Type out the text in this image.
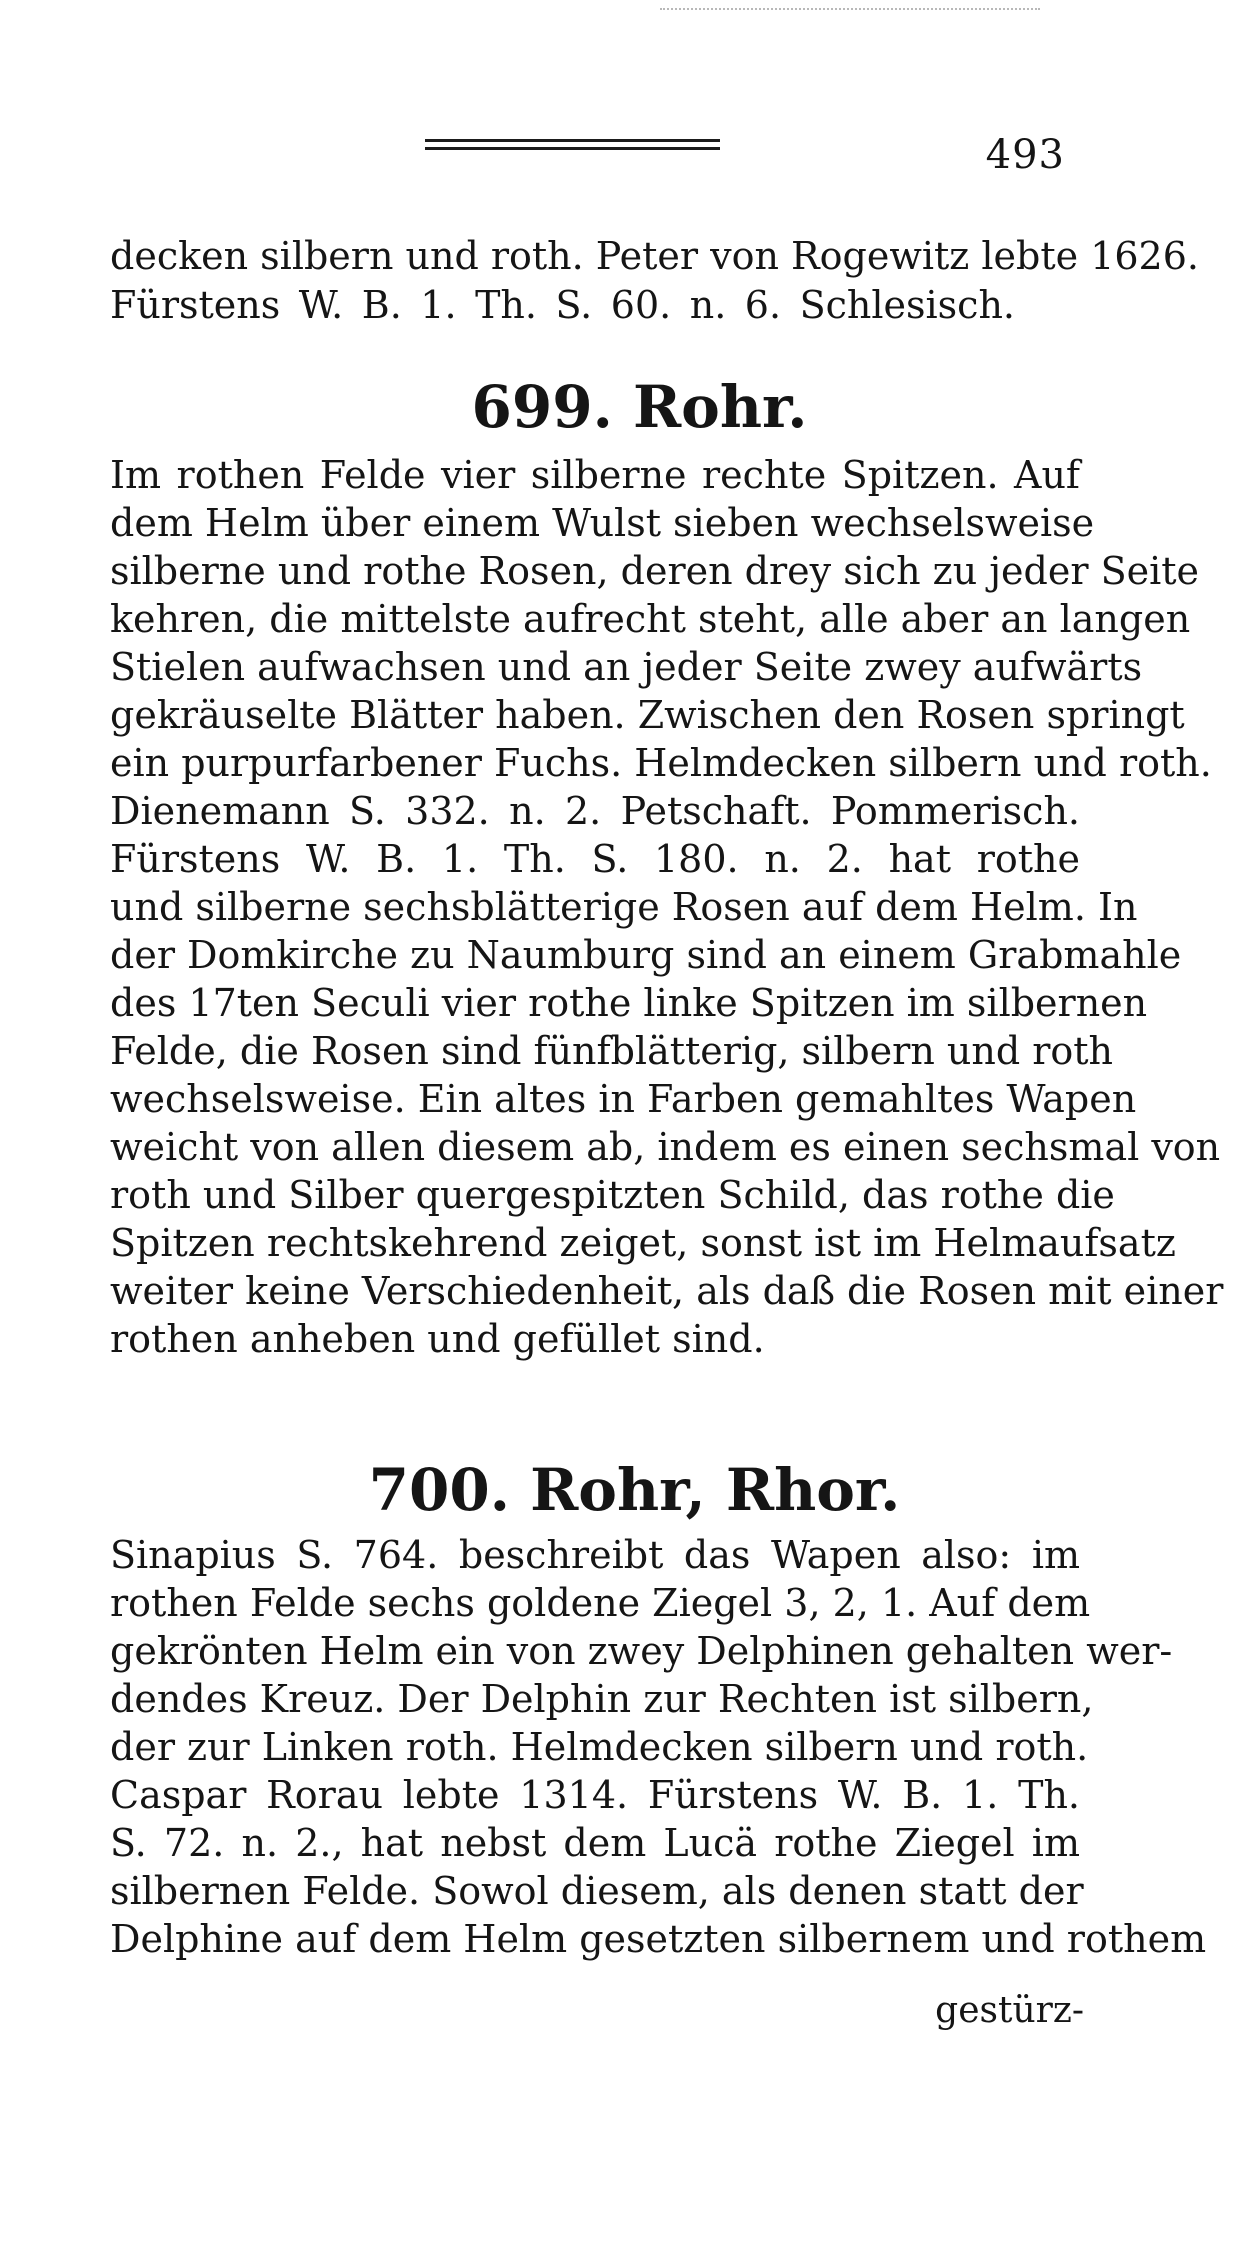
493
decken silbern und roth. Peter von Rogewitz lebte 1626.
Fürstens W. B. 1. Th. S. 60. n. 6. Schlesisch.
699. Rohr.
Im rothen Felde vier silberne rechte Spitzen. Auf
dem Helm über einem Wulst sieben wechselsweise
silberne und rothe Rosen, deren drey sich zu jeder Seite
kehren, die mittelste aufrecht steht, alle aber an langen
Stielen aufwachsen und an jeder Seite zwey aufwärts
gekräuselte Blätter haben. Zwischen den Rosen springt
ein purpurfarbener Fuchs. Helmdecken silbern und roth.
Dienemann S. 332. n. 2. Petschaft. Pommerisch.
Fürstens W. B. 1. Th. S. 180. n. 2. hat rothe
und silberne sechsblätterige Rosen auf dem Helm. In
der Domkirche zu Naumburg sind an einem Grabmahle
des 17ten Seculi vier rothe linke Spitzen im silbernen
Felde, die Rosen sind fünfblätterig, silbern und roth
wechselsweise. Ein altes in Farben gemahltes Wapen
weicht von allen diesem ab, indem es einen sechsmal von
roth und Silber quergespitzten Schild, das rothe die
Spitzen rechtskehrend zeiget, sonst ist im Helmaufsatz
weiter keine Verschiedenheit, als daß die Rosen mit einer
rothen anheben und gefüllet sind.
700. Rohr, Rhor.
Sinapius S. 764. beschreibt das Wapen also: im
rothen Felde sechs goldene Ziegel 3, 2, 1. Auf dem
gekrönten Helm ein von zwey Delphinen gehalten wer-
dendes Kreuz. Der Delphin zur Rechten ist silbern,
der zur Linken roth. Helmdecken silbern und roth.
Caspar Rorau lebte 1314. Fürstens W. B. 1. Th.
S. 72. n. 2., hat nebst dem Lucä rothe Ziegel im
silbernen Felde. Sowol diesem, als denen statt der
Delphine auf dem Helm gesetzten silbernem und rothem
gestürz-
